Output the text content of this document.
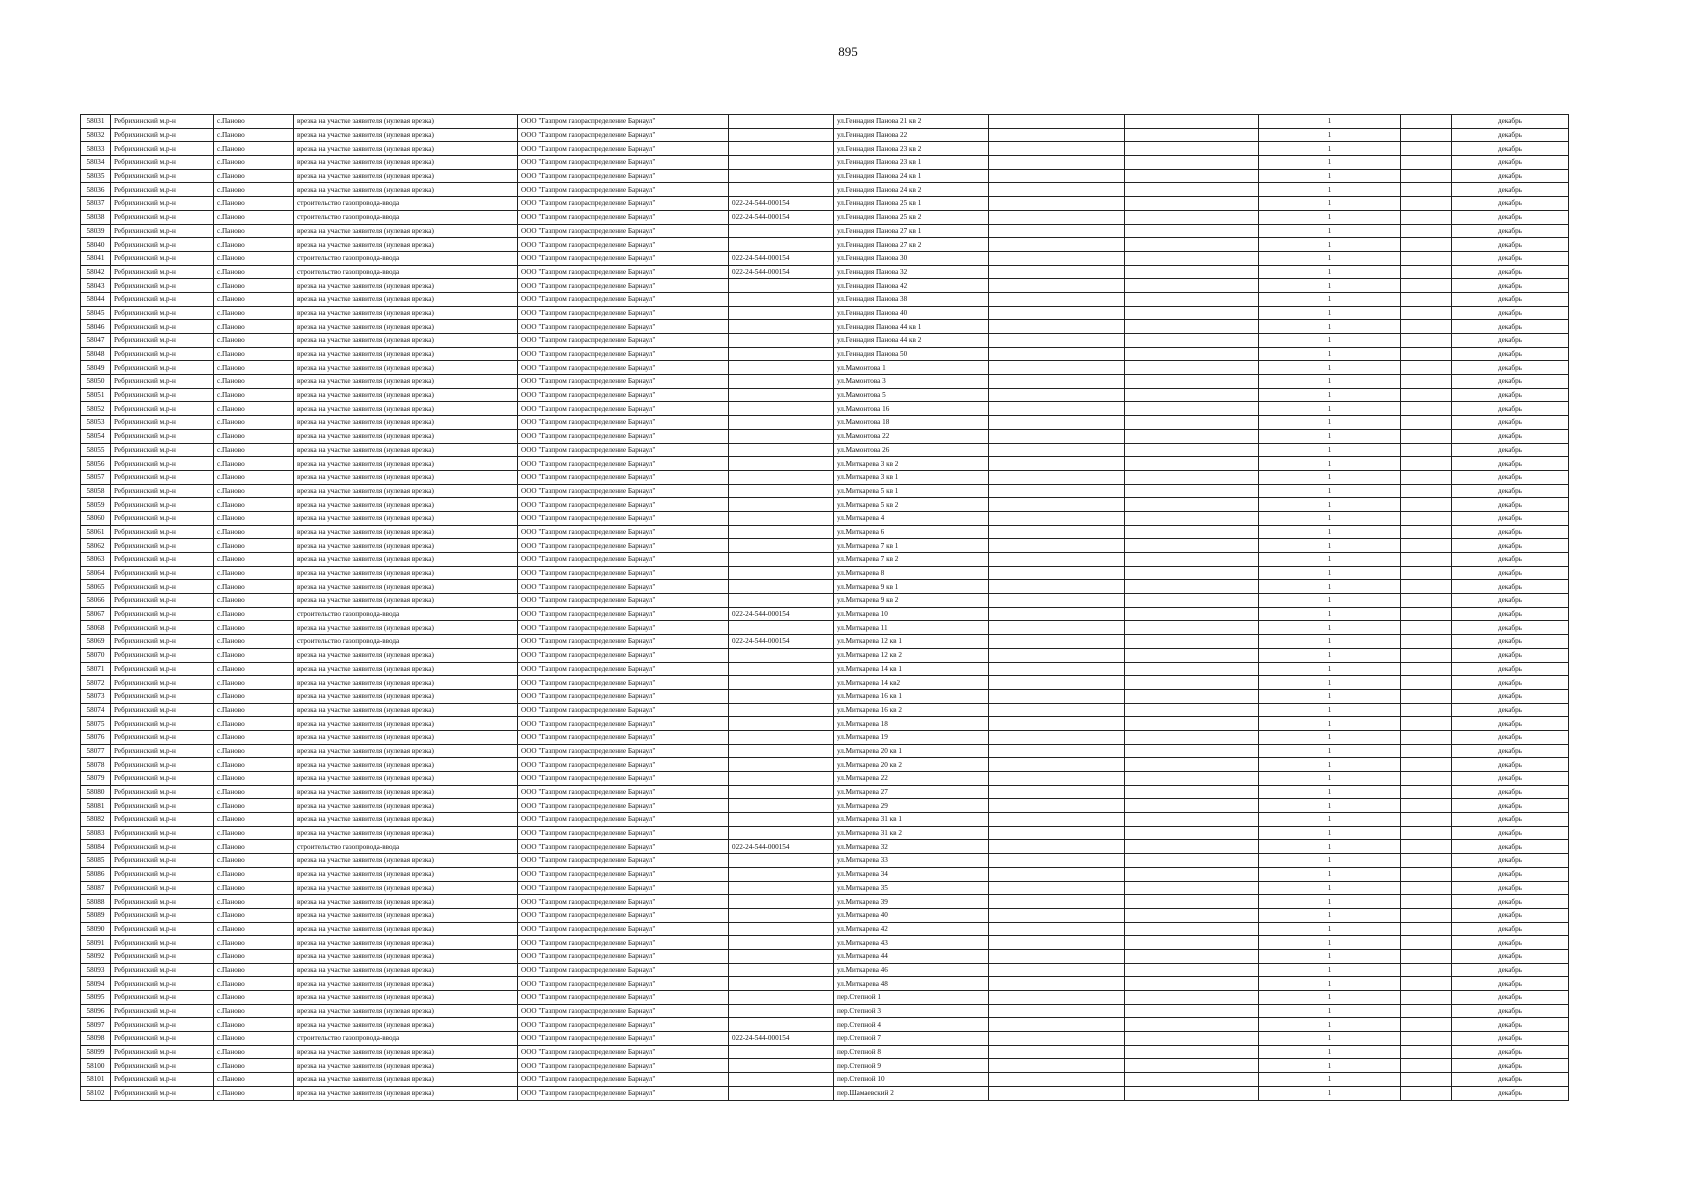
895
58031	Ребрихинский м.р-н	с.Паново	врезка на участке заявителя (нулевая врезка)	ООО "Газпром газораспределение Барнаул"		ул.Геннадия Панова 21 кв 2			1		декабрь	
58032	Ребрихинский м.р-н	с.Паново	врезка на участке заявителя (нулевая врезка)	ООО "Газпром газораспределение Барнаул"		ул.Геннадия Панова 22			1		декабрь	
58033	Ребрихинский м.р-н	с.Паново	врезка на участке заявителя (нулевая врезка)	ООО "Газпром газораспределение Барнаул"		ул.Геннадия Панова 23 кв 2			1		декабрь	
58034	Ребрихинский м.р-н	с.Паново	врезка на участке заявителя (нулевая врезка)	ООО "Газпром газораспределение Барнаул"		ул.Геннадия Панова 23 кв 1			1		декабрь	
58035	Ребрихинский м.р-н	с.Паново	врезка на участке заявителя (нулевая врезка)	ООО "Газпром газораспределение Барнаул"		ул.Геннадия Панова 24 кв 1			1		декабрь	
58036	Ребрихинский м.р-н	с.Паново	врезка на участке заявителя (нулевая врезка)	ООО "Газпром газораспределение Барнаул"		ул.Геннадия Панова 24 кв 2			1		декабрь	
58037	Ребрихинский м.р-н	с.Паново	строительство газопровода-ввода	ООО "Газпром газораспределение Барнаул"	022-24-544-000154	ул.Геннадия Панова 25 кв 1			1		декабрь	
58038	Ребрихинский м.р-н	с.Паново	строительство газопровода-ввода	ООО "Газпром газораспределение Барнаул"	022-24-544-000154	ул.Геннадия Панова 25 кв 2			1		декабрь	
58039	Ребрихинский м.р-н	с.Паново	врезка на участке заявителя (нулевая врезка)	ООО "Газпром газораспределение Барнаул"		ул.Геннадия Панова 27 кв 1			1		декабрь	
58040	Ребрихинский м.р-н	с.Паново	врезка на участке заявителя (нулевая врезка)	ООО "Газпром газораспределение Барнаул"		ул.Геннадия Панова 27 кв 2			1		декабрь	
58041	Ребрихинский м.р-н	с.Паново	строительство газопровода-ввода	ООО "Газпром газораспределение Барнаул"	022-24-544-000154	ул.Геннадия Панова 30			1		декабрь	
58042	Ребрихинский м.р-н	с.Паново	строительство газопровода-ввода	ООО "Газпром газораспределение Барнаул"	022-24-544-000154	ул.Геннадия Панова 32			1		декабрь	
58043	Ребрихинский м.р-н	с.Паново	врезка на участке заявителя (нулевая врезка)	ООО "Газпром газораспределение Барнаул"		ул.Геннадия Панова 42			1		декабрь	
58044	Ребрихинский м.р-н	с.Паново	врезка на участке заявителя (нулевая врезка)	ООО "Газпром газораспределение Барнаул"		ул.Геннадия Панова 38			1		декабрь	
58045	Ребрихинский м.р-н	с.Паново	врезка на участке заявителя (нулевая врезка)	ООО "Газпром газораспределение Барнаул"		ул.Геннадия Панова 40			1		декабрь	
58046	Ребрихинский м.р-н	с.Паново	врезка на участке заявителя (нулевая врезка)	ООО "Газпром газораспределение Барнаул"		ул.Геннадия Панова 44 кв 1			1		декабрь	
58047	Ребрихинский м.р-н	с.Паново	врезка на участке заявителя (нулевая врезка)	ООО "Газпром газораспределение Барнаул"		ул.Геннадия Панова 44 кв 2			1		декабрь	
58048	Ребрихинский м.р-н	с.Паново	врезка на участке заявителя (нулевая врезка)	ООО "Газпром газораспределение Барнаул"		ул.Геннадия Панова 50			1		декабрь	
58049	Ребрихинский м.р-н	с.Паново	врезка на участке заявителя (нулевая врезка)	ООО "Газпром газораспределение Барнаул"		ул.Мамонтова 1			1		декабрь	
58050	Ребрихинский м.р-н	с.Паново	врезка на участке заявителя (нулевая врезка)	ООО "Газпром газораспределение Барнаул"		ул.Мамонтова 3			1		декабрь	
58051	Ребрихинский м.р-н	с.Паново	врезка на участке заявителя (нулевая врезка)	ООО "Газпром газораспределение Барнаул"		ул.Мамонтова 5			1		декабрь	
58052	Ребрихинский м.р-н	с.Паново	врезка на участке заявителя (нулевая врезка)	ООО "Газпром газораспределение Барнаул"		ул.Мамонтова 16			1		декабрь	
58053	Ребрихинский м.р-н	с.Паново	врезка на участке заявителя (нулевая врезка)	ООО "Газпром газораспределение Барнаул"		ул.Мамонтова 18			1		декабрь	
58054	Ребрихинский м.р-н	с.Паново	врезка на участке заявителя (нулевая врезка)	ООО "Газпром газораспределение Барнаул"		ул.Мамонтова 22			1		декабрь	
58055	Ребрихинский м.р-н	с.Паново	врезка на участке заявителя (нулевая врезка)	ООО "Газпром газораспределение Барнаул"		ул.Мамонтова 26			1		декабрь	
58056	Ребрихинский м.р-н	с.Паново	врезка на участке заявителя (нулевая врезка)	ООО "Газпром газораспределение Барнаул"		ул.Миткарева 3 кв 2			1		декабрь	
58057	Ребрихинский м.р-н	с.Паново	врезка на участке заявителя (нулевая врезка)	ООО "Газпром газораспределение Барнаул"		ул.Миткарева 3 кв 1			1		декабрь	
58058	Ребрихинский м.р-н	с.Паново	врезка на участке заявителя (нулевая врезка)	ООО "Газпром газораспределение Барнаул"		ул.Миткарева 5 кв 1			1		декабрь	
58059	Ребрихинский м.р-н	с.Паново	врезка на участке заявителя (нулевая врезка)	ООО "Газпром газораспределение Барнаул"		ул.Миткарева 5 кв 2			1		декабрь	
58060	Ребрихинский м.р-н	с.Паново	врезка на участке заявителя (нулевая врезка)	ООО "Газпром газораспределение Барнаул"		ул.Миткарева 4			1		декабрь	
58061	Ребрихинский м.р-н	с.Паново	врезка на участке заявителя (нулевая врезка)	ООО "Газпром газораспределение Барнаул"		ул.Миткарева 6			1		декабрь	
58062	Ребрихинский м.р-н	с.Паново	врезка на участке заявителя (нулевая врезка)	ООО "Газпром газораспределение Барнаул"		ул.Миткарева 7 кв 1			1		декабрь	
58063	Ребрихинский м.р-н	с.Паново	врезка на участке заявителя (нулевая врезка)	ООО "Газпром газораспределение Барнаул"		ул.Миткарева 7 кв 2			1		декабрь	
58064	Ребрихинский м.р-н	с.Паново	врезка на участке заявителя (нулевая врезка)	ООО "Газпром газораспределение Барнаул"		ул.Миткарева 8			1		декабрь	
58065	Ребрихинский м.р-н	с.Паново	врезка на участке заявителя (нулевая врезка)	ООО "Газпром газораспределение Барнаул"		ул.Миткарева 9 кв 1			1		декабрь	
58066	Ребрихинский м.р-н	с.Паново	врезка на участке заявителя (нулевая врезка)	ООО "Газпром газораспределение Барнаул"		ул.Миткарева 9 кв 2			1		декабрь	
58067	Ребрихинский м.р-н	с.Паново	строительство газопровода-ввода	ООО "Газпром газораспределение Барнаул"	022-24-544-000154	ул.Миткарева 10			1		декабрь	
58068	Ребрихинский м.р-н	с.Паново	врезка на участке заявителя (нулевая врезка)	ООО "Газпром газораспределение Барнаул"		ул.Миткарева 11			1		декабрь	
58069	Ребрихинский м.р-н	с.Паново	строительство газопровода-ввода	ООО "Газпром газораспределение Барнаул"	022-24-544-000154	ул.Миткарева 12 кв 1			1		декабрь	
58070	Ребрихинский м.р-н	с.Паново	врезка на участке заявителя (нулевая врезка)	ООО "Газпром газораспределение Барнаул"		ул.Миткарева 12 кв 2			1		декабрь	
58071	Ребрихинский м.р-н	с.Паново	врезка на участке заявителя (нулевая врезка)	ООО "Газпром газораспределение Барнаул"		ул.Миткарева 14 кв 1			1		декабрь	
58072	Ребрихинский м.р-н	с.Паново	врезка на участке заявителя (нулевая врезка)	ООО "Газпром газораспределение Барнаул"		ул.Миткарева 14 кв2			1		декабрь	
58073	Ребрихинский м.р-н	с.Паново	врезка на участке заявителя (нулевая врезка)	ООО "Газпром газораспределение Барнаул"		ул.Миткарева 16 кв 1			1		декабрь	
58074	Ребрихинский м.р-н	с.Паново	врезка на участке заявителя (нулевая врезка)	ООО "Газпром газораспределение Барнаул"		ул.Миткарева 16 кв 2			1		декабрь	
58075	Ребрихинский м.р-н	с.Паново	врезка на участке заявителя (нулевая врезка)	ООО "Газпром газораспределение Барнаул"		ул.Миткарева 18			1		декабрь	
58076	Ребрихинский м.р-н	с.Паново	врезка на участке заявителя (нулевая врезка)	ООО "Газпром газораспределение Барнаул"		ул.Миткарева 19			1		декабрь	
58077	Ребрихинский м.р-н	с.Паново	врезка на участке заявителя (нулевая врезка)	ООО "Газпром газораспределение Барнаул"		ул.Миткарева 20 кв 1			1		декабрь	
58078	Ребрихинский м.р-н	с.Паново	врезка на участке заявителя (нулевая врезка)	ООО "Газпром газораспределение Барнаул"		ул.Миткарева 20 кв 2			1		декабрь	
58079	Ребрихинский м.р-н	с.Паново	врезка на участке заявителя (нулевая врезка)	ООО "Газпром газораспределение Барнаул"		ул.Миткарева 22			1		декабрь	
58080	Ребрихинский м.р-н	с.Паново	врезка на участке заявителя (нулевая врезка)	ООО "Газпром газораспределение Барнаул"		ул.Миткарева 27			1		декабрь	
58081	Ребрихинский м.р-н	с.Паново	врезка на участке заявителя (нулевая врезка)	ООО "Газпром газораспределение Барнаул"		ул.Миткарева 29			1		декабрь	
58082	Ребрихинский м.р-н	с.Паново	врезка на участке заявителя (нулевая врезка)	ООО "Газпром газораспределение Барнаул"		ул.Миткарева 31 кв 1			1		декабрь	
58083	Ребрихинский м.р-н	с.Паново	врезка на участке заявителя (нулевая врезка)	ООО "Газпром газораспределение Барнаул"		ул.Миткарева 31 кв 2			1		декабрь	
58084	Ребрихинский м.р-н	с.Паново	строительство газопровода-ввода	ООО "Газпром газораспределение Барнаул"	022-24-544-000154	ул.Миткарева 32			1		декабрь	
58085	Ребрихинский м.р-н	с.Паново	врезка на участке заявителя (нулевая врезка)	ООО "Газпром газораспределение Барнаул"		ул.Миткарева 33			1		декабрь	
58086	Ребрихинский м.р-н	с.Паново	врезка на участке заявителя (нулевая врезка)	ООО "Газпром газораспределение Барнаул"		ул.Миткарева 34			1		декабрь	
58087	Ребрихинский м.р-н	с.Паново	врезка на участке заявителя (нулевая врезка)	ООО "Газпром газораспределение Барнаул"		ул.Миткарева 35			1		декабрь	
58088	Ребрихинский м.р-н	с.Паново	врезка на участке заявителя (нулевая врезка)	ООО "Газпром газораспределение Барнаул"		ул.Миткарева 39			1		декабрь	
58089	Ребрихинский м.р-н	с.Паново	врезка на участке заявителя (нулевая врезка)	ООО "Газпром газораспределение Барнаул"		ул.Миткарева 40			1		декабрь	
58090	Ребрихинский м.р-н	с.Паново	врезка на участке заявителя (нулевая врезка)	ООО "Газпром газораспределение Барнаул"		ул.Миткарева 42			1		декабрь	
58091	Ребрихинский м.р-н	с.Паново	врезка на участке заявителя (нулевая врезка)	ООО "Газпром газораспределение Барнаул"		ул.Миткарева 43			1		декабрь	
58092	Ребрихинский м.р-н	с.Паново	врезка на участке заявителя (нулевая врезка)	ООО "Газпром газораспределение Барнаул"		ул.Миткарева 44			1		декабрь	
58093	Ребрихинский м.р-н	с.Паново	врезка на участке заявителя (нулевая врезка)	ООО "Газпром газораспределение Барнаул"		ул.Миткарева 46			1		декабрь	
58094	Ребрихинский м.р-н	с.Паново	врезка на участке заявителя (нулевая врезка)	ООО "Газпром газораспределение Барнаул"		ул.Миткарева 48			1		декабрь	
58095	Ребрихинский м.р-н	с.Паново	врезка на участке заявителя (нулевая врезка)	ООО "Газпром газораспределение Барнаул"		пер.Степной 1			1		декабрь	
58096	Ребрихинский м.р-н	с.Паново	врезка на участке заявителя (нулевая врезка)	ООО "Газпром газораспределение Барнаул"		пер.Степной 3			1		декабрь	
58097	Ребрихинский м.р-н	с.Паново	врезка на участке заявителя (нулевая врезка)	ООО "Газпром газораспределение Барнаул"		пер.Степной 4			1		декабрь	
58098	Ребрихинский м.р-н	с.Паново	строительство газопровода-ввода	ООО "Газпром газораспределение Барнаул"	022-24-544-000154	пер.Степной 7			1		декабрь	
58099	Ребрихинский м.р-н	с.Паново	врезка на участке заявителя (нулевая врезка)	ООО "Газпром газораспределение Барнаул"		пер.Степной 8			1		декабрь	
58100	Ребрихинский м.р-н	с.Паново	врезка на участке заявителя (нулевая врезка)	ООО "Газпром газораспределение Барнаул"		пер.Степной 9			1		декабрь	
58101	Ребрихинский м.р-н	с.Паново	врезка на участке заявителя (нулевая врезка)	ООО "Газпром газораспределение Барнаул"		пер.Степной 10			1		декабрь	
58102	Ребрихинский м.р-н	с.Паново	врезка на участке заявителя (нулевая врезка)	ООО "Газпром газораспределение Барнаул"		пер.Шамаевский 2			1		декабрь	
